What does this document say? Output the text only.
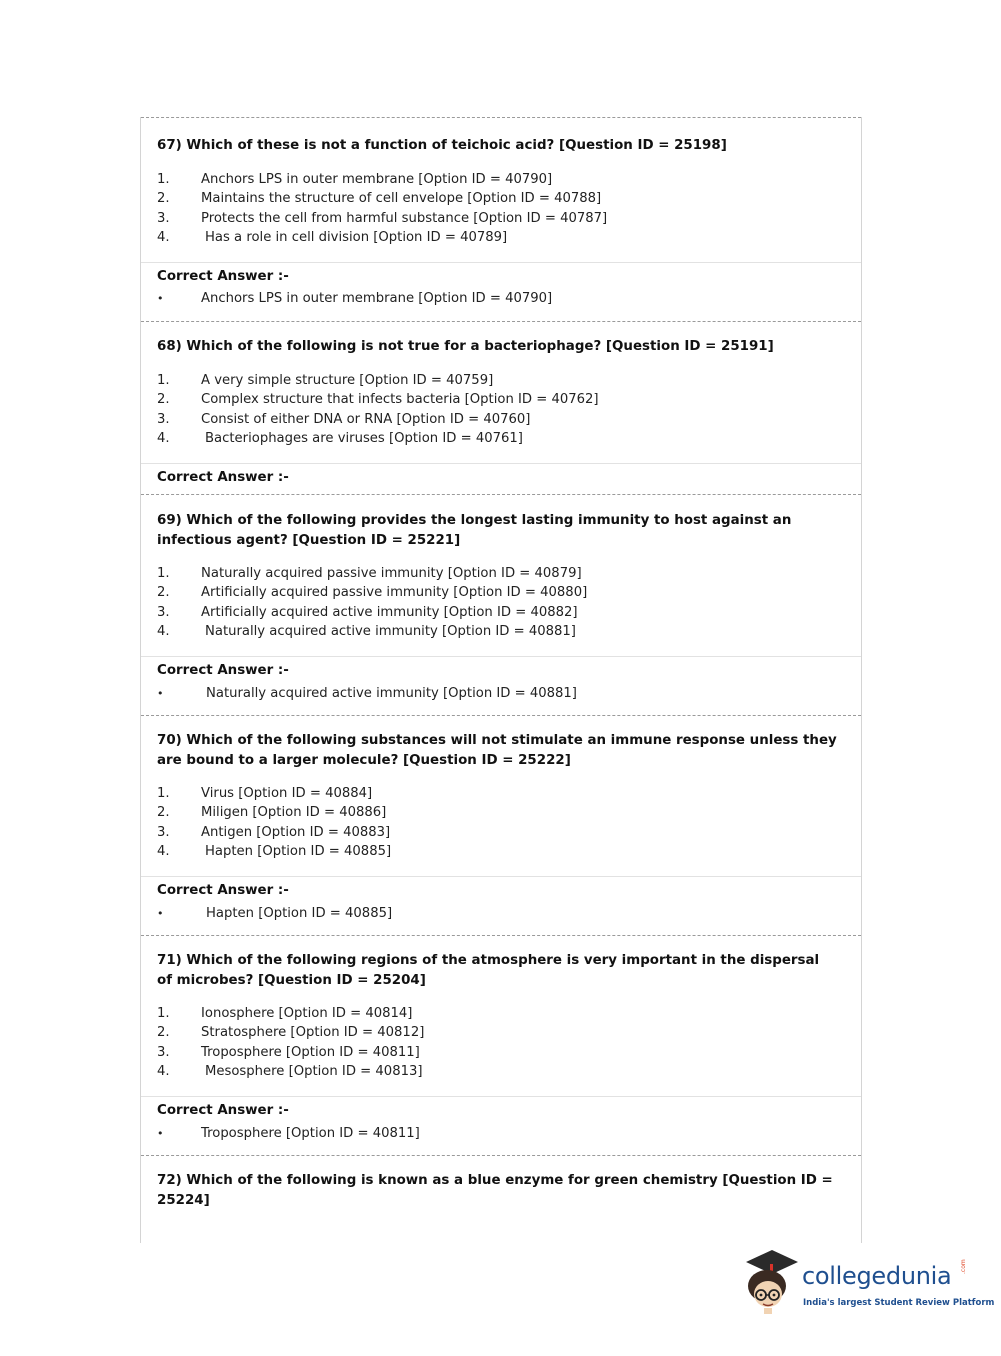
67) Which of these is not a function of teichoic acid? [Question ID = 25198]
1. Anchors LPS in outer membrane [Option ID = 40790]
2. Maintains the structure of cell envelope [Option ID = 40788]
3. Protects the cell from harmful substance [Option ID = 40787]
4.	Has a role in cell division [Option ID = 40789]
Correct Answer :-
•	Anchors LPS in outer membrane [Option ID = 40790]
68) Which of the following is not true for a bacteriophage? [Question ID = 25191]
1. A very simple structure [Option ID = 40759]
2. Complex structure that infects bacteria [Option ID = 40762]
3. Consist of either DNA or RNA [Option ID = 40760]
4.	Bacteriophages are viruses [Option ID = 40761]
Correct Answer :-
69) Which of the following provides the longest lasting immunity to host against an infectious agent? [Question ID = 25221]
1. Naturally acquired passive immunity [Option ID = 40879]
2. Artificially acquired passive immunity [Option ID = 40880]
3. Artificially acquired active immunity [Option ID = 40882]
4.	Naturally acquired active immunity [Option ID = 40881]
Correct Answer :-
•	Naturally acquired active immunity [Option ID = 40881]
70) Which of the following substances will not stimulate an immune response unless they are bound to a larger molecule? [Question ID = 25222]
1. Virus [Option ID = 40884]
2. Miligen [Option ID = 40886]
3. Antigen [Option ID = 40883]
4.	Hapten [Option ID = 40885]
Correct Answer :-
•	Hapten [Option ID = 40885]
71) Which of the following regions of the atmosphere is very important in the dispersal of microbes? [Question ID = 25204]
1. Ionosphere [Option ID = 40814]
2. Stratosphere [Option ID = 40812]
3. Troposphere [Option ID = 40811]
4.	Mesosphere [Option ID = 40813]
Correct Answer :-
•	Troposphere [Option ID = 40811]
72) Which of the following is known as a blue enzyme for green chemistry [Question ID = 25224]
collegedunia .com
India's largest Student Review Platform
